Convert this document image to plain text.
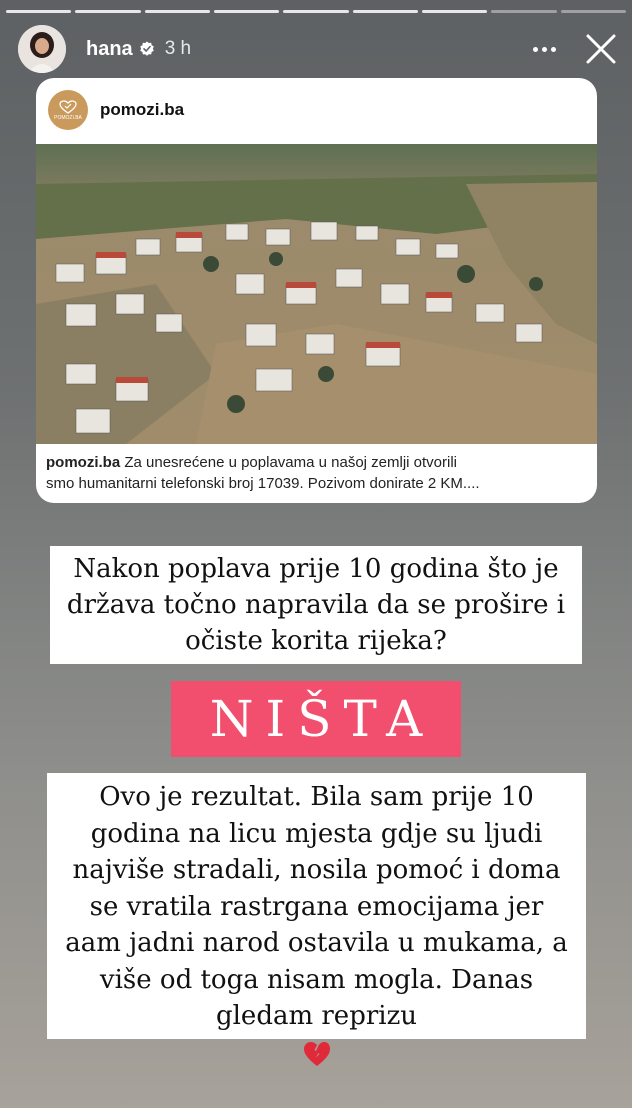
hana 3 h
POMOZI.BA pomozi.ba
pomozi.ba Za unesrećene u poplavama u našoj zemlji otvorili
smo humanitarni telefonski broj 17039. Pozivom donirate 2 KM....
Nakon poplava prije 10 godina što je
država točno napravila da se prošire i
očiste korita rijeka?
NIŠTA
Ovo je rezultat. Bila sam prije 10
godina na licu mjesta gdje su ljudi
najviše stradali, nosila pomoć i doma
se vratila rastrgana emocijama jer
aam jadni narod ostavila u mukama, a
više od toga nisam mogla. Danas
gledam reprizu
